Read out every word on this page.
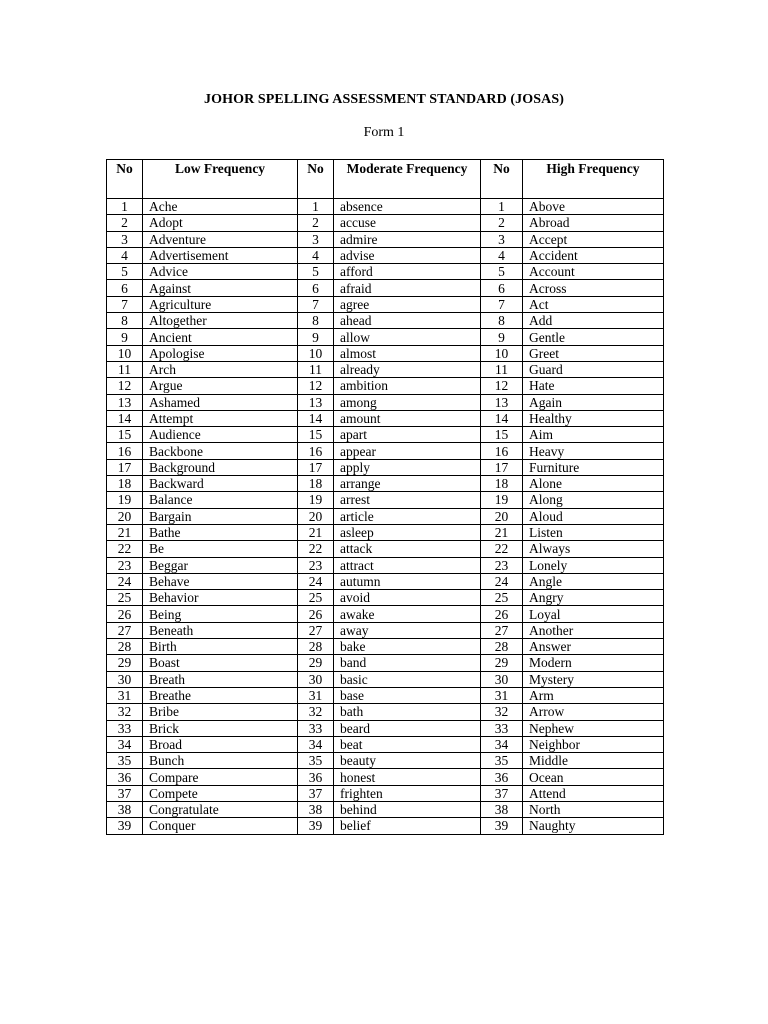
JOHOR SPELLING ASSESSMENT STANDARD (JOSAS)
Form 1
No	Low Frequency	No	Moderate Frequency	No	High Frequency
1	Ache	1	absence	1	Above
2	Adopt	2	accuse	2	Abroad
3	Adventure	3	admire	3	Accept
4	Advertisement	4	advise	4	Accident
5	Advice	5	afford	5	Account
6	Against	6	afraid	6	Across
7	Agriculture	7	agree	7	Act
8	Altogether	8	ahead	8	Add
9	Ancient	9	allow	9	Gentle
10	Apologise	10	almost	10	Greet
11	Arch	11	already	11	Guard
12	Argue	12	ambition	12	Hate
13	Ashamed	13	among	13	Again
14	Attempt	14	amount	14	Healthy
15	Audience	15	apart	15	Aim
16	Backbone	16	appear	16	Heavy
17	Background	17	apply	17	Furniture
18	Backward	18	arrange	18	Alone
19	Balance	19	arrest	19	Along
20	Bargain	20	article	20	Aloud
21	Bathe	21	asleep	21	Listen
22	Be	22	attack	22	Always
23	Beggar	23	attract	23	Lonely
24	Behave	24	autumn	24	Angle
25	Behavior	25	avoid	25	Angry
26	Being	26	awake	26	Loyal
27	Beneath	27	away	27	Another
28	Birth	28	bake	28	Answer
29	Boast	29	band	29	Modern
30	Breath	30	basic	30	Mystery
31	Breathe	31	base	31	Arm
32	Bribe	32	bath	32	Arrow
33	Brick	33	beard	33	Nephew
34	Broad	34	beat	34	Neighbor
35	Bunch	35	beauty	35	Middle
36	Compare	36	honest	36	Ocean
37	Compete	37	frighten	37	Attend
38	Congratulate	38	behind	38	North
39	Conquer	39	belief	39	Naughty
